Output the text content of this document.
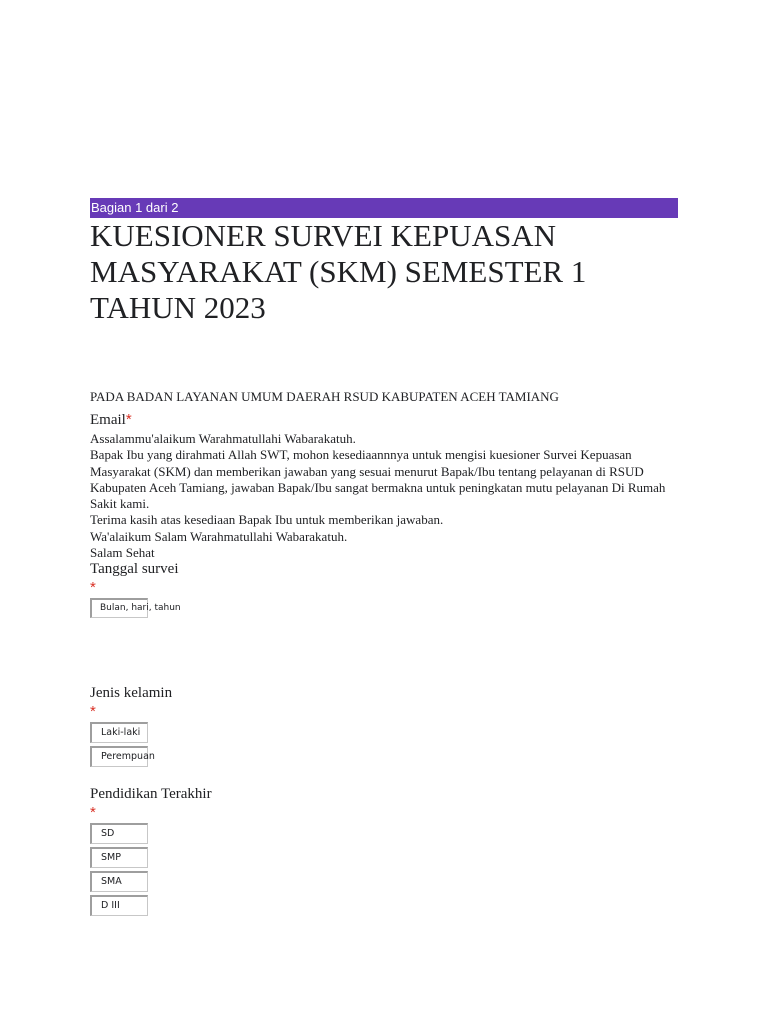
Bagian 1 dari 2
KUESIONER SURVEI KEPUASAN MASYARAKAT (SKM) SEMESTER 1 TAHUN 2023

PADA BADAN LAYANAN UMUM DAERAH RSUD KABUPATEN ACEH TAMIANG

Email*

Assalammu'alaikum Warahmatullahi Wabarakatuh.

Bapak Ibu yang dirahmati Allah SWT, mohon kesediaannnya untuk mengisi kuesioner Survei Kepuasan Masyarakat (SKM) dan memberikan jawaban yang sesuai menurut Bapak/Ibu tentang pelayanan di RSUD Kabupaten Aceh Tamiang, jawaban Bapak/Ibu sangat bermakna untuk peningkatan mutu pelayanan Di Rumah Sakit kami.

Terima kasih atas kesediaan Bapak Ibu untuk memberikan jawaban.

Wa'alaikum Salam Warahmatullahi Wabarakatuh.

Salam Sehat

Tanggal survei
*
Bulan, hari, tahun
Jenis kelamin
*
Laki-laki
Perempuan
Pendidikan Terakhir
*
SD
SMP
SMA
D III
